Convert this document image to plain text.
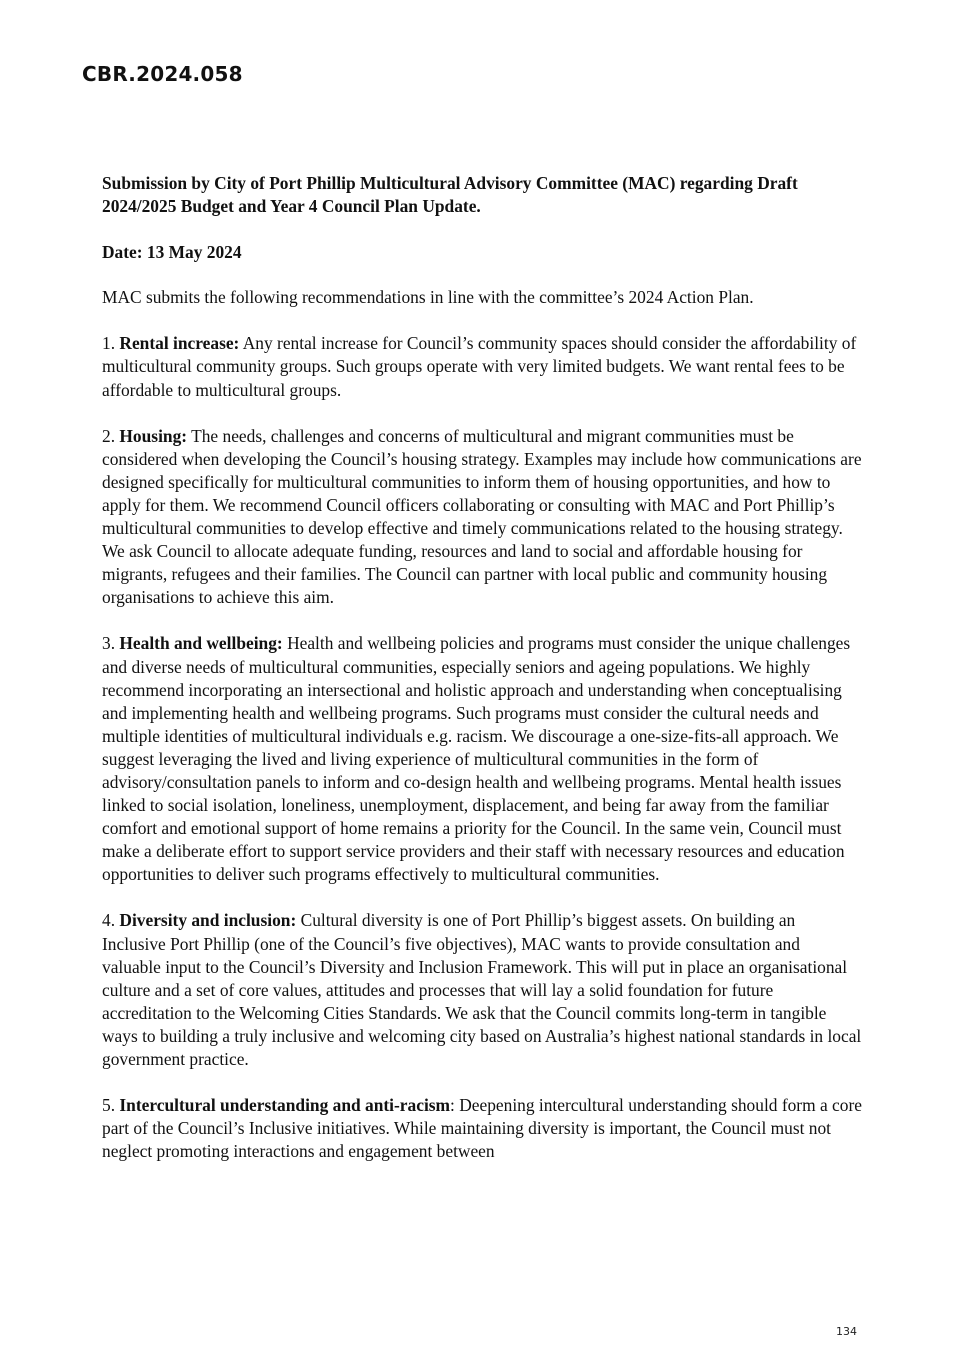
CBR.2024.058

Submission by City of Port Phillip Multicultural Advisory Committee (MAC) regarding Draft 2024/2025 Budget and Year 4 Council Plan Update.

Date: 13 May 2024

MAC submits the following recommendations in line with the committee’s 2024 Action Plan.

1. Rental increase: Any rental increase for Council’s community spaces should consider the affordability of multicultural community groups. Such groups operate with very limited budgets. We want rental fees to be affordable to multicultural groups.

2. Housing: The needs, challenges and concerns of multicultural and migrant communities must be considered when developing the Council’s housing strategy. Examples may include how communications are designed specifically for multicultural communities to inform them of housing opportunities, and how to apply for them. We recommend Council officers collaborating or consulting with MAC and Port Phillip’s multicultural communities to develop effective and timely communications related to the housing strategy. We ask Council to allocate adequate funding, resources and land to social and affordable housing for migrants, refugees and their families. The Council can partner with local public and community housing organisations to achieve this aim.

3. Health and wellbeing: Health and wellbeing policies and programs must consider the unique challenges and diverse needs of multicultural communities, especially seniors and ageing populations. We highly recommend incorporating an intersectional and holistic approach and understanding when conceptualising and implementing health and wellbeing programs. Such programs must consider the cultural needs and multiple identities of multicultural individuals e.g. racism. We discourage a one-size-fits-all approach. We suggest leveraging the lived and living experience of multicultural communities in the form of advisory/consultation panels to inform and co-design health and wellbeing programs. Mental health issues linked to social isolation, loneliness, unemployment, displacement, and being far away from the familiar comfort and emotional support of home remains a priority for the Council. In the same vein, Council must make a deliberate effort to support service providers and their staff with necessary resources and education opportunities to deliver such programs effectively to multicultural communities.

4. Diversity and inclusion: Cultural diversity is one of Port Phillip’s biggest assets. On building an Inclusive Port Phillip (one of the Council’s five objectives), MAC wants to provide consultation and valuable input to the Council’s Diversity and Inclusion Framework. This will put in place an organisational culture and a set of core values, attitudes and processes that will lay a solid foundation for future accreditation to the Welcoming Cities Standards. We ask that the Council commits long-term in tangible ways to building a truly inclusive and welcoming city based on Australia’s highest national standards in local government practice.

5. Intercultural understanding and anti-racism: Deepening intercultural understanding should form a core part of the Council’s Inclusive initiatives. While maintaining diversity is important, the Council must not neglect promoting interactions and engagement between

134
